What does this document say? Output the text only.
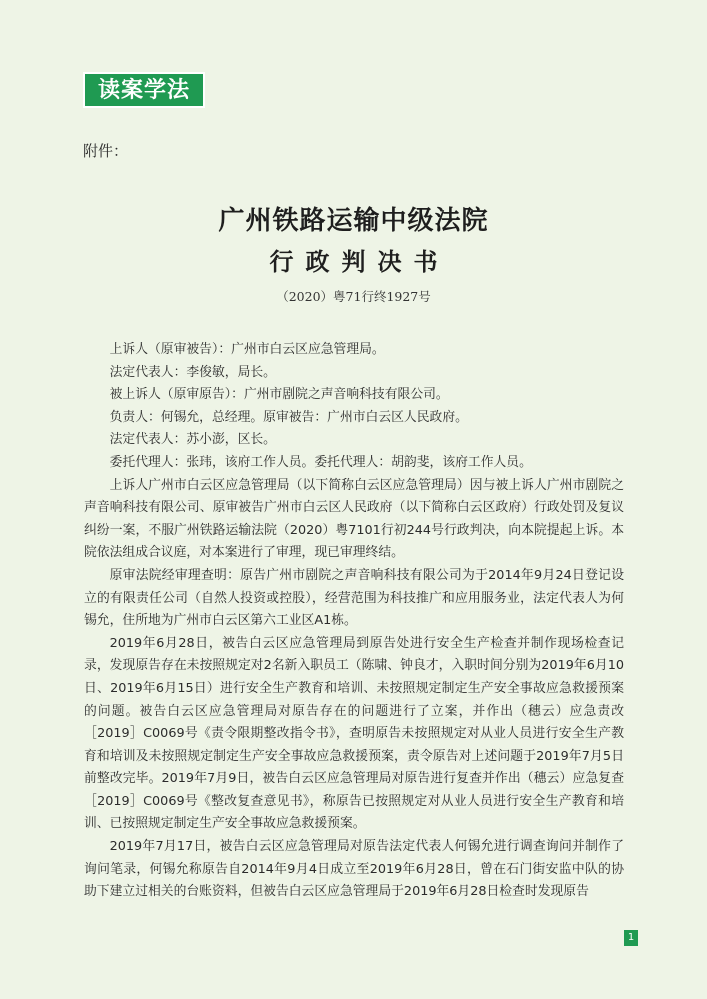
读案学法
附件：
广州铁路运输中级法院
行政判决书
（2020）粤71行终1927号

上诉人（原审被告）：广州市白云区应急管理局。

法定代表人：李俊敏，局长。

被上诉人（原审原告）：广州市剧院之声音响科技有限公司。

负责人：何锡允，总经理。原审被告：广州市白云区人民政府。

法定代表人：苏小澎，区长。

委托代理人：张玮，该府工作人员。委托代理人：胡韵斐，该府工作人员。

上诉人广州市白云区应急管理局（以下简称白云区应急管理局）因与被上诉人广州市剧院之声音响科技有限公司、原审被告广州市白云区人民政府（以下简称白云区政府）行政处罚及复议纠纷一案，不服广州铁路运输法院（2020）粤7101行初244号行政判决，向本院提起上诉。本院依法组成合议庭，对本案进行了审理，现已审理终结。

原审法院经审理查明：原告广州市剧院之声音响科技有限公司为于2014年9月24日登记设立的有限责任公司（自然人投资或控股），经营范围为科技推广和应用服务业，法定代表人为何锡允，住所地为广州市白云区第六工业区A1栋。

2019年6月28日，被告白云区应急管理局到原告处进行安全生产检查并制作现场检查记录，发现原告存在未按照规定对2名新入职员工（陈啸、钟良才，入职时间分别为2019年6月10日、2019年6月15日）进行安全生产教育和培训、未按照规定制定生产安全事故应急救援预案的问题。被告白云区应急管理局对原告存在的问题进行了立案，并作出（穗云）应急责改［2019］C0069号《责令限期整改指令书》，查明原告未按照规定对从业人员进行安全生产教育和培训及未按照规定制定生产安全事故应急救援预案，责令原告对上述问题于2019年7月5日前整改完毕。2019年7月9日，被告白云区应急管理局对原告进行复查并作出（穗云）应急复查［2019］C0069号《整改复查意见书》，称原告已按照规定对从业人员进行安全生产教育和培训、已按照规定制定生产安全事故应急救援预案。

2019年7月17日，被告白云区应急管理局对原告法定代表人何锡允进行调查询问并制作了询问笔录，何锡允称原告自2014年9月4日成立至2019年6月28日，曾在石门街安监中队的协助下建立过相关的台账资料，但被告白云区应急管理局于2019年6月28日检查时发现原告

1
